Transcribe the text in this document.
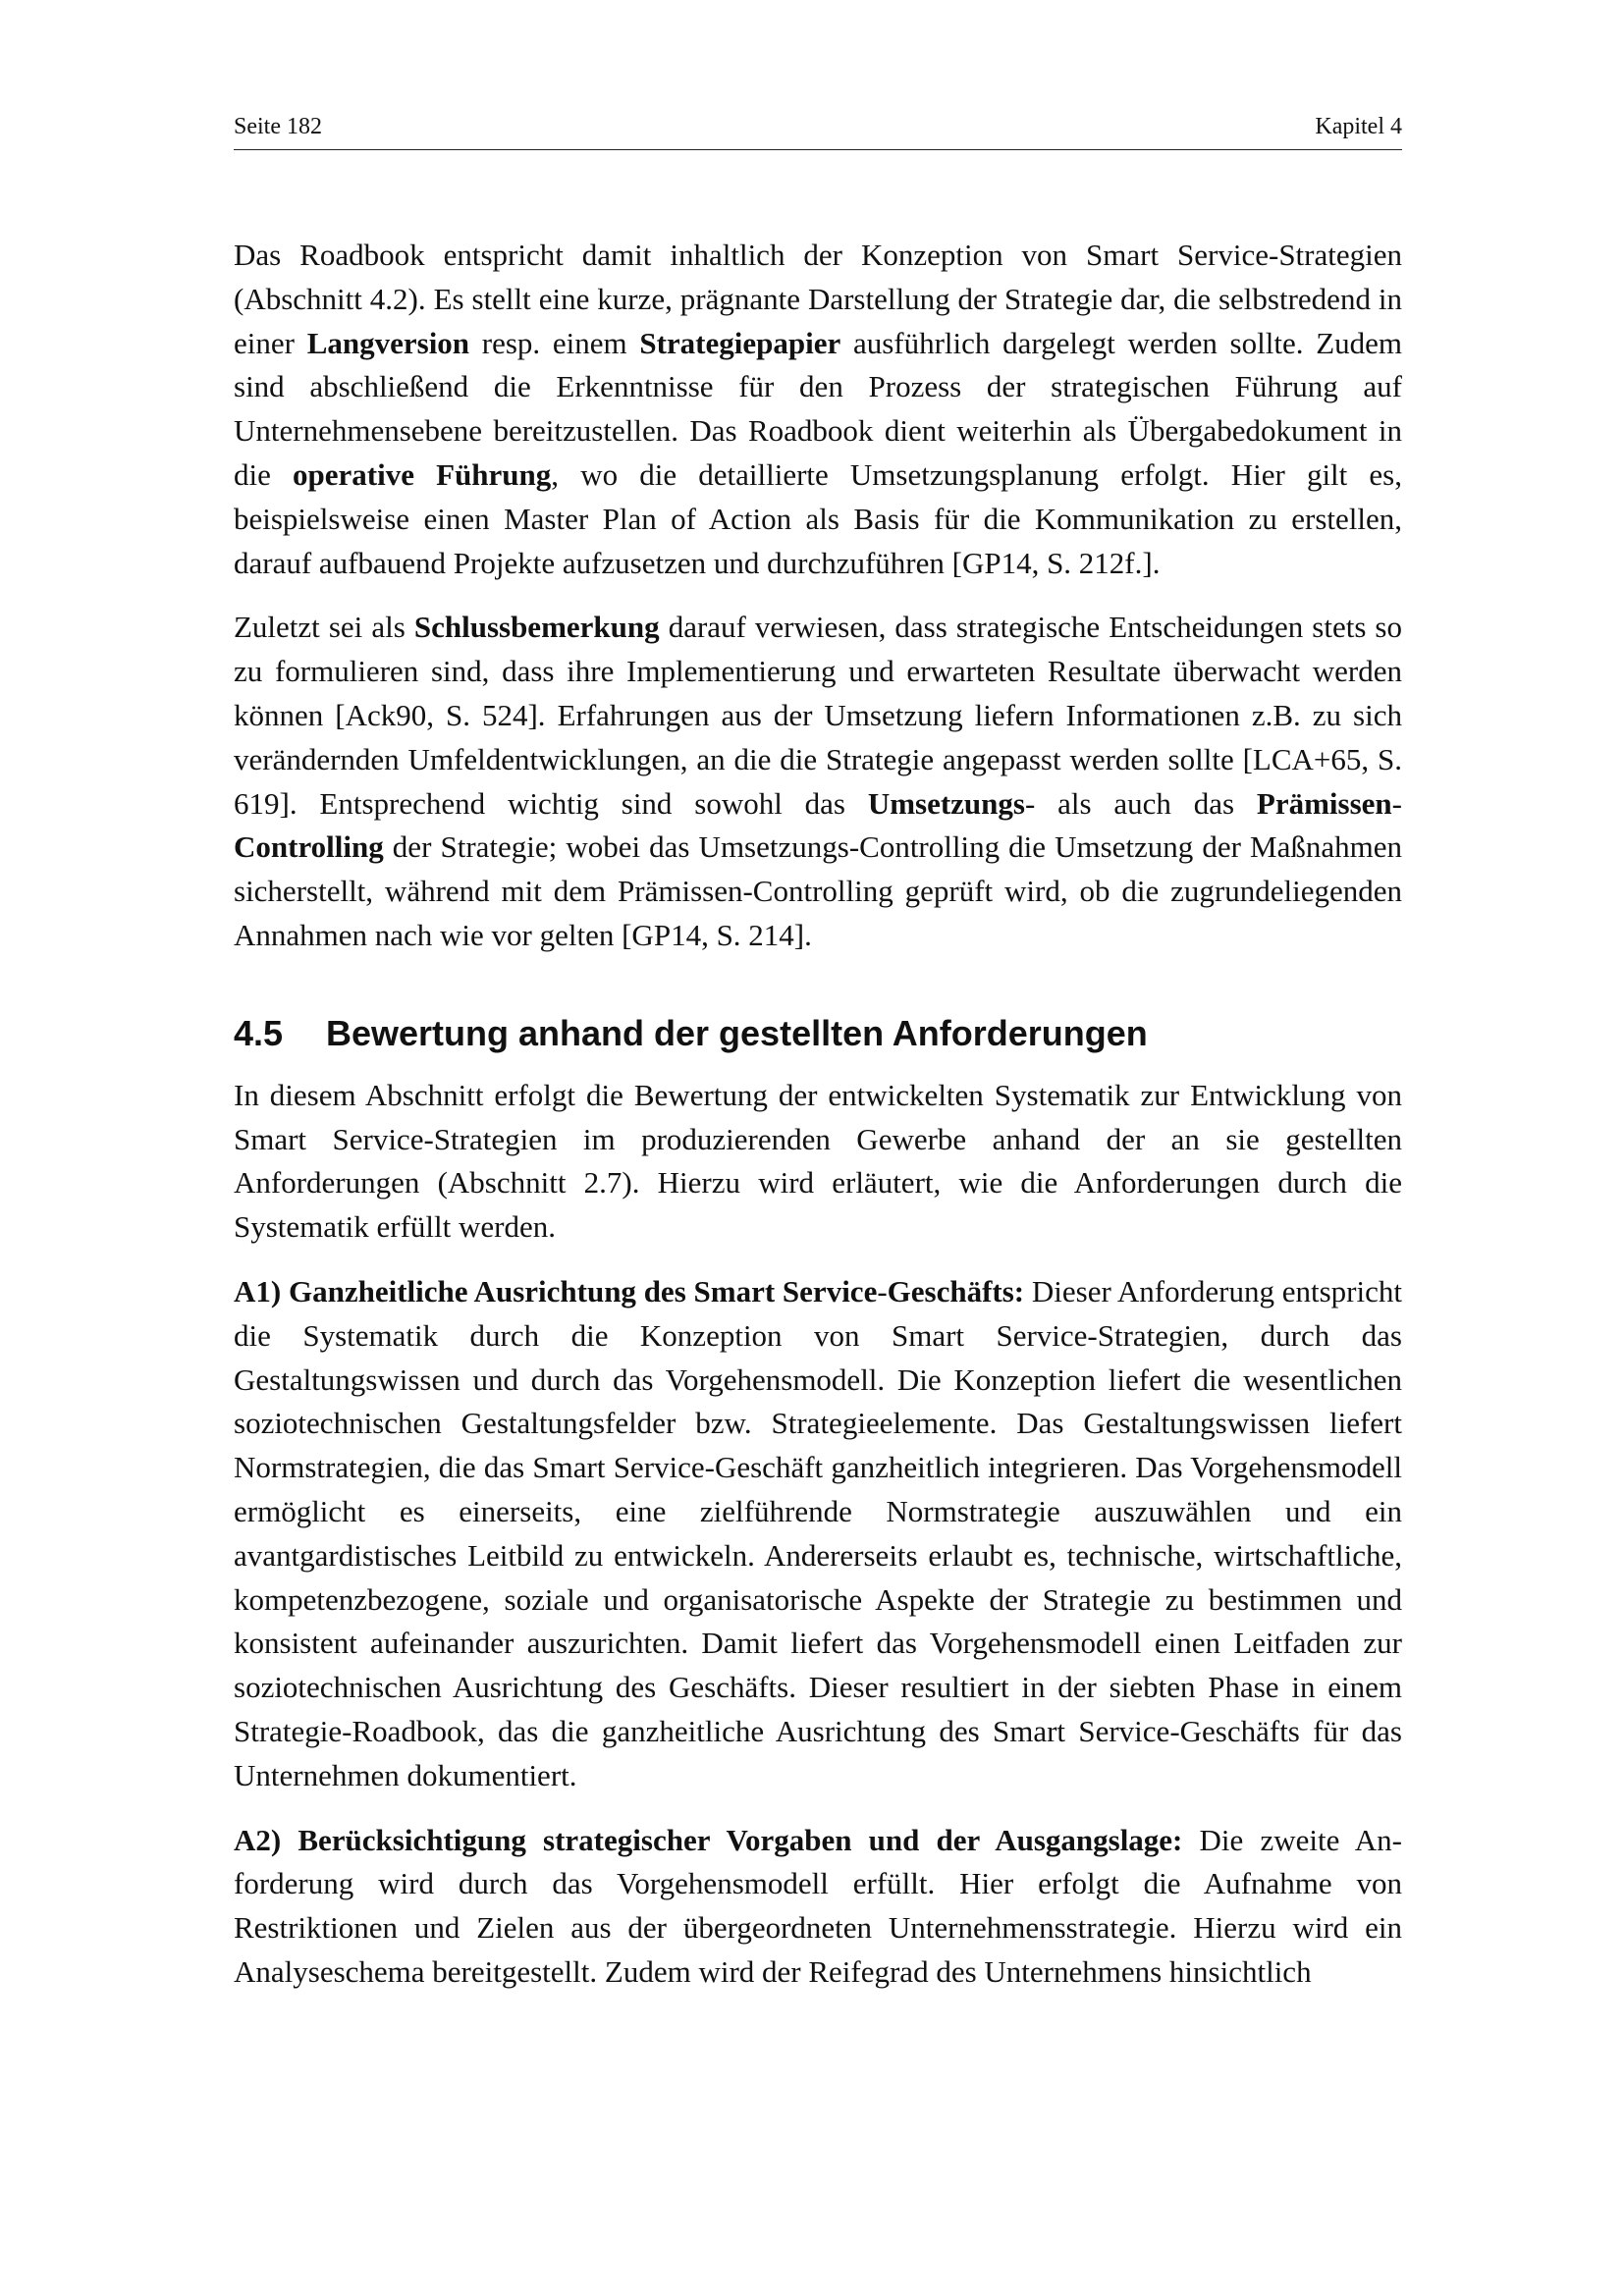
Seite 182	Kapitel 4

Das Roadbook entspricht damit inhaltlich der Konzeption von Smart Service-Strategien (Abschnitt 4.2). Es stellt eine kurze, prägnante Darstellung der Strategie dar, die selbstredend in einer Langversion resp. einem Strategiepapier ausführlich dargelegt werden sollte. Zudem sind abschließend die Erkenntnisse für den Prozess der strategischen Führung auf Unternehmensebene bereitzustellen. Das Roadbook dient weiterhin als Übergabedokument in die operative Führung, wo die detaillierte Umsetzungsplanung erfolgt. Hier gilt es, beispielsweise einen Master Plan of Action als Basis für die Kommunikation zu erstellen, darauf aufbauend Projekte aufzusetzen und durchzuführen [GP14, S. 212f.].

Zuletzt sei als Schlussbemerkung darauf verwiesen, dass strategische Entscheidungen stets so zu formulieren sind, dass ihre Implementierung und erwarteten Resultate überwacht werden können [Ack90, S. 524]. Erfahrungen aus der Umsetzung liefern Informationen z.B. zu sich verändernden Umfeldentwicklungen, an die die Strategie angepasst werden sollte [LCA+65, S. 619]. Entsprechend wichtig sind sowohl das Umsetzungs- als auch das Prämissen-Controlling der Strategie; wobei das Umsetzungs-Controlling die Umsetzung der Maßnahmen sicherstellt, während mit dem Prämissen-Controlling geprüft wird, ob die zugrundeliegenden Annahmen nach wie vor gelten [GP14, S. 214].

4.5 Bewertung anhand der gestellten Anforderungen

In diesem Abschnitt erfolgt die Bewertung der entwickelten Systematik zur Entwicklung von Smart Service-Strategien im produzierenden Gewerbe anhand der an sie gestellten Anforderungen (Abschnitt 2.7). Hierzu wird erläutert, wie die Anforderungen durch die Systematik erfüllt werden.

A1) Ganzheitliche Ausrichtung des Smart Service-Geschäfts: Dieser Anforderung entspricht die Systematik durch die Konzeption von Smart Service-Strategien, durch das Gestaltungswissen und durch das Vorgehensmodell. Die Konzeption liefert die wesentlichen soziotechnischen Gestaltungsfelder bzw. Strategieelemente. Das Gestaltungswissen liefert Normstrategien, die das Smart Service-Geschäft ganzheitlich integrieren. Das Vorgehensmodell ermöglicht es einerseits, eine zielführende Normstrategie auszuwählen und ein avantgardistisches Leitbild zu entwickeln. Andererseits erlaubt es, technische, wirtschaftliche, kompetenzbezogene, soziale und organisatorische Aspekte der Strategie zu bestimmen und konsistent aufeinander auszurichten. Damit liefert das Vorgehensmodell einen Leitfaden zur soziotechnischen Ausrichtung des Geschäfts. Dieser resultiert in der siebten Phase in einem Strategie-Roadbook, das die ganzheitliche Ausrichtung des Smart Service-Geschäfts für das Unternehmen dokumentiert.

A2) Berücksichtigung strategischer Vorgaben und der Ausgangslage: Die zweite Anforderung wird durch das Vorgehensmodell erfüllt. Hier erfolgt die Aufnahme von Restriktionen und Zielen aus der übergeordneten Unternehmensstrategie. Hierzu wird ein Analyseschema bereitgestellt. Zudem wird der Reifegrad des Unternehmens hinsichtlich
